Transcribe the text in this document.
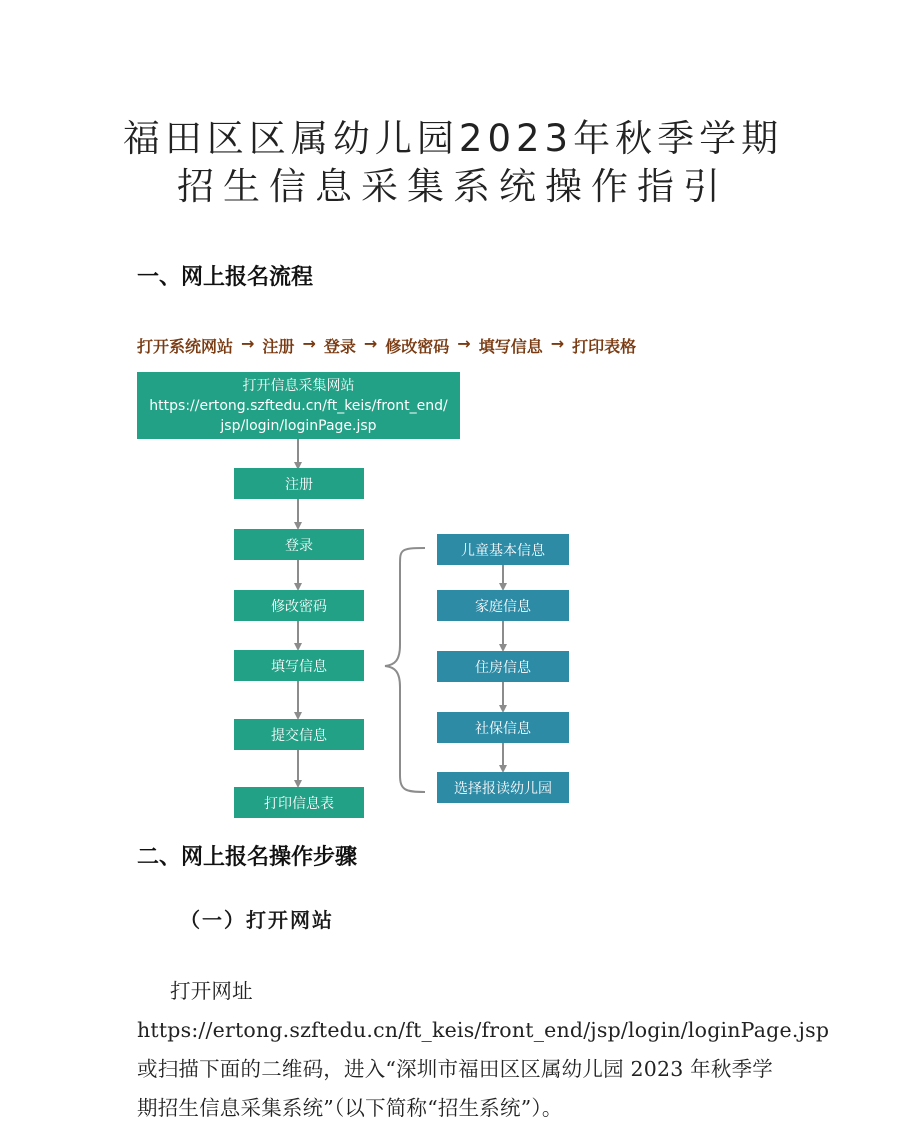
福田区区属幼儿园2023年秋季学期
招生信息采集系统操作指引
一、网上报名流程
打开系统网站 → 注册 → 登录 → 修改密码 → 填写信息 → 打印表格
打开信息采集网站
https://ertong.szftedu.cn/ft_keis/front_end/
jsp/login/loginPage.jsp
注册
登录
修改密码
填写信息
提交信息
打印信息表
儿童基本信息
家庭信息
住房信息
社保信息
选择报读幼儿园
二、网上报名操作步骤
（一）打开网站

打开网址 https://ertong.szftedu.cn/ft_keis/front_end/jsp/login/loginPage.jsp 或扫描下面的二维码，进入“深圳市福田区区属幼儿园 2023 年秋季学期招生信息采集系统”（以下简称“招生系统”）。
